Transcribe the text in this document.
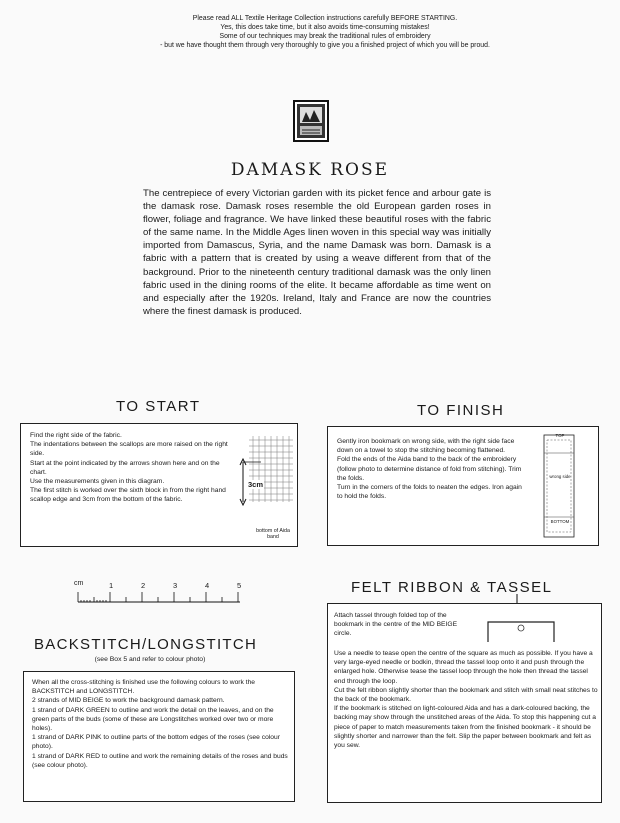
Please read ALL Textile Heritage Collection instructions carefully BEFORE STARTING.
Yes, this does take time, but it also avoids time-consuming mistakes!
Some of our techniques may break the traditional rules of embroidery
- but we have thought them through very thoroughly to give you a finished project of which you will be proud.
DAMASK ROSE
The centrepiece of every Victorian garden with its picket fence and arbour gate is the damask rose. Damask roses resemble the old European garden roses in flower, foliage and fragrance. We have linked these beautiful roses with the fabric of the same name. In the Middle Ages linen woven in this special way was initially imported from Damascus, Syria, and the name Damask was born. Damask is a fabric with a pattern that is created by using a weave different from that of the background. Prior to the nineteenth century traditional damask was the only linen fabric used in the dining rooms of the elite. It became affordable as time went on and especially after the 1920s. Ireland, Italy and France are now the countries where the finest damask is produced.
TO START

Find the right side of the fabric.

The indentations between the scallops are more raised on the right side.

Start at the point indicated by the arrows shown here and on the chart.

Use the measurements given in this diagram.

The first stitch is worked over the sixth block in from the right hand scallop edge and 3cm from the bottom of the fabric.

3cm
bottom of Aida band
TO FINISH

Gently iron bookmark on wrong side, with the right side face down on a towel to stop the stitching becoming flattened.

Fold the ends of the Aida band to the back of the embroidery (follow photo to determine distance of fold from stitching). Trim the folds.

Turn in the corners of the folds to neaten the edges. Iron again to hold the folds.

TOP
wrong side
BOTTOM
cm	1	2	3	4	5
BACKSTITCH/LONGSTITCH
(see Box 5 and refer to colour photo)

When all the cross-stitching is finished use the following colours to work the BACKSTITCH and LONGSTITCH.

2 strands of MID BEIGE to work the background damask pattern.

1 strand of DARK GREEN to outline and work the detail on the leaves, and on the green parts of the buds (some of these are Longstitches worked over two or more holes).

1 strand of DARK PINK to outline parts of the bottom edges of the roses (see colour photo).

1 strand of DARK RED to outline and work the remaining details of the roses and buds (see colour photo).

FELT RIBBON & TASSEL
Attach tassel through folded top of the bookmark in the centre of the MID BEIGE circle.

Use a needle to tease open the centre of the square as much as possible. If you have a very large-eyed needle or bodkin, thread the tassel loop onto it and push through the enlarged hole. Otherwise tease the tassel loop through the hole then thread the tassel end through the loop.

Cut the felt ribbon slightly shorter than the bookmark and stitch with small neat stitches to the back of the bookmark.

If the bookmark is stitched on light-coloured Aida and has a dark-coloured backing, the backing may show through the unstitched areas of the Aida. To stop this happening cut a piece of paper to match measurements taken from the finished bookmark - it should be slightly shorter and narrower than the felt. Slip the paper between bookmark and felt as you sew.
